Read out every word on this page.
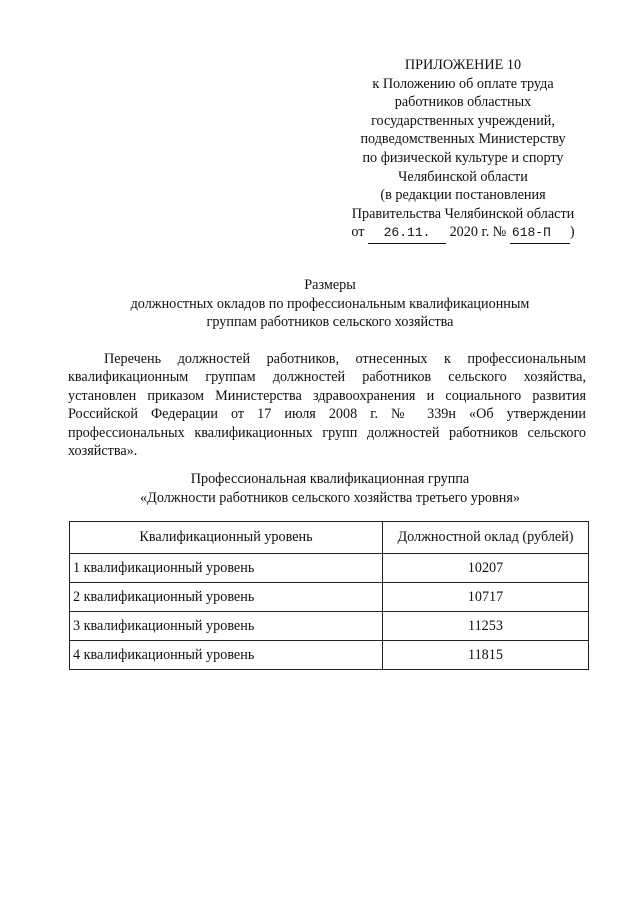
ПРИЛОЖЕНИЕ 10
к Положению об оплате труда
работников областных
государственных учреждений,
подведомственных Министерству
по физической культуре и спорту
Челябинской области
(в редакции постановления
Правительства Челябинской области
от 26.11. 2020 г. № 618-П )
Размеры
должностных окладов по профессиональным квалификационным
группам работников сельского хозяйства
Перечень должностей работников, отнесенных к профессиональным квалификационным группам должностей работников сельского хозяйства, установлен приказом Министерства здравоохранения и социального развития Российской Федерации от 17 июля 2008 г. № 339н «Об утверждении профессиональных квалификационных групп должностей работников сельского хозяйства».
Профессиональная квалификационная группа
«Должности работников сельского хозяйства третьего уровня»
Квалификационный уровень	Должностной оклад (рублей)
1 квалификационный уровень	10207
2 квалификационный уровень	10717
3 квалификационный уровень	11253
4 квалификационный уровень	11815
